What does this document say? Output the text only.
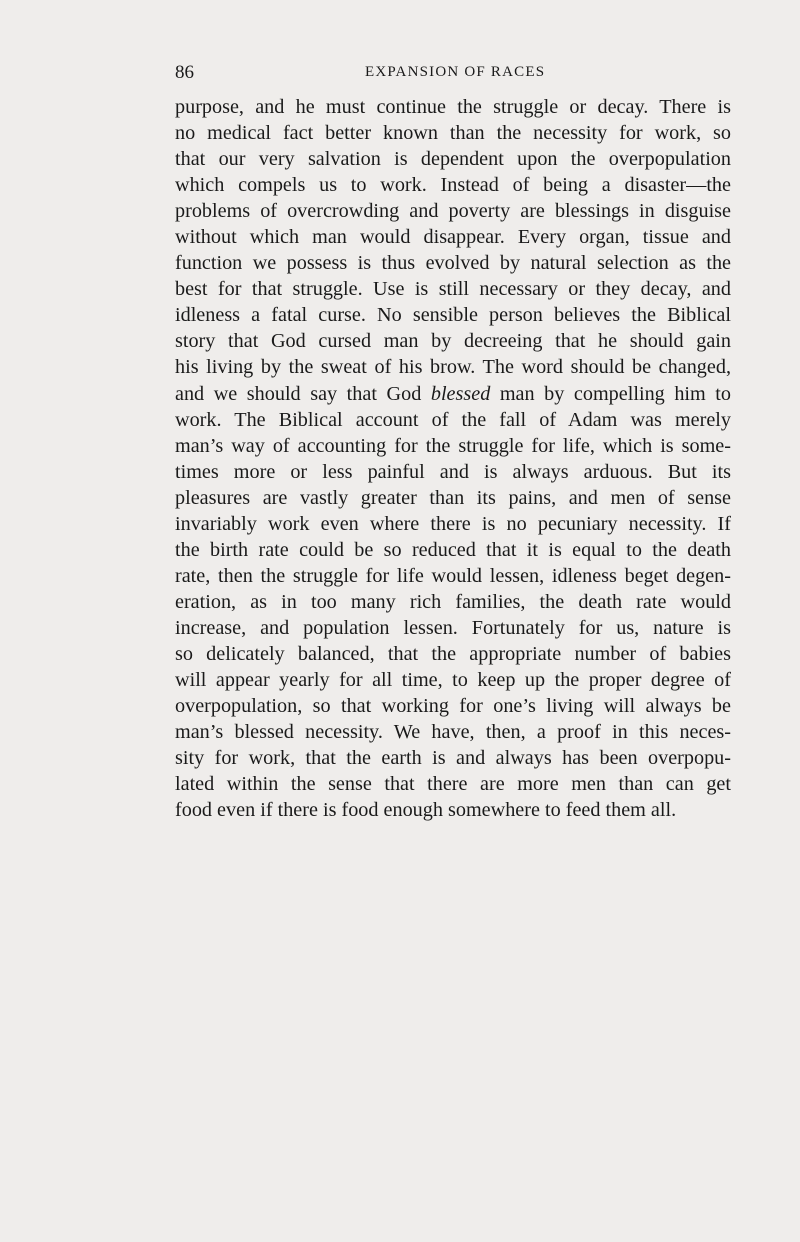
86	EXPANSION OF RACES
purpose, and he must continue the struggle or decay. There is
no medical fact better known than the necessity for work, so
that our very salvation is dependent upon the overpopulation
which compels us to work. Instead of being a disaster—the
problems of overcrowding and poverty are blessings in disguise
without which man would disappear. Every organ, tissue and
function we possess is thus evolved by natural selection as the
best for that struggle. Use is still necessary or they decay, and
idleness a fatal curse. No sensible person believes the Biblical
story that God cursed man by decreeing that he should gain
his living by the sweat of his brow. The word should be changed,
and we should say that God blessed man by compelling him to
work. The Biblical account of the fall of Adam was merely
man’s way of accounting for the struggle for life, which is some-
times more or less painful and is always arduous. But its
pleasures are vastly greater than its pains, and men of sense
invariably work even where there is no pecuniary necessity. If
the birth rate could be so reduced that it is equal to the death
rate, then the struggle for life would lessen, idleness beget degen-
eration, as in too many rich families, the death rate would
increase, and population lessen. Fortunately for us, nature is
so delicately balanced, that the appropriate number of babies
will appear yearly for all time, to keep up the proper degree of
overpopulation, so that working for one’s living will always be
man’s blessed necessity. We have, then, a proof in this neces-
sity for work, that the earth is and always has been overpopu-
lated within the sense that there are more men than can get
food even if there is food enough somewhere to feed them all.
